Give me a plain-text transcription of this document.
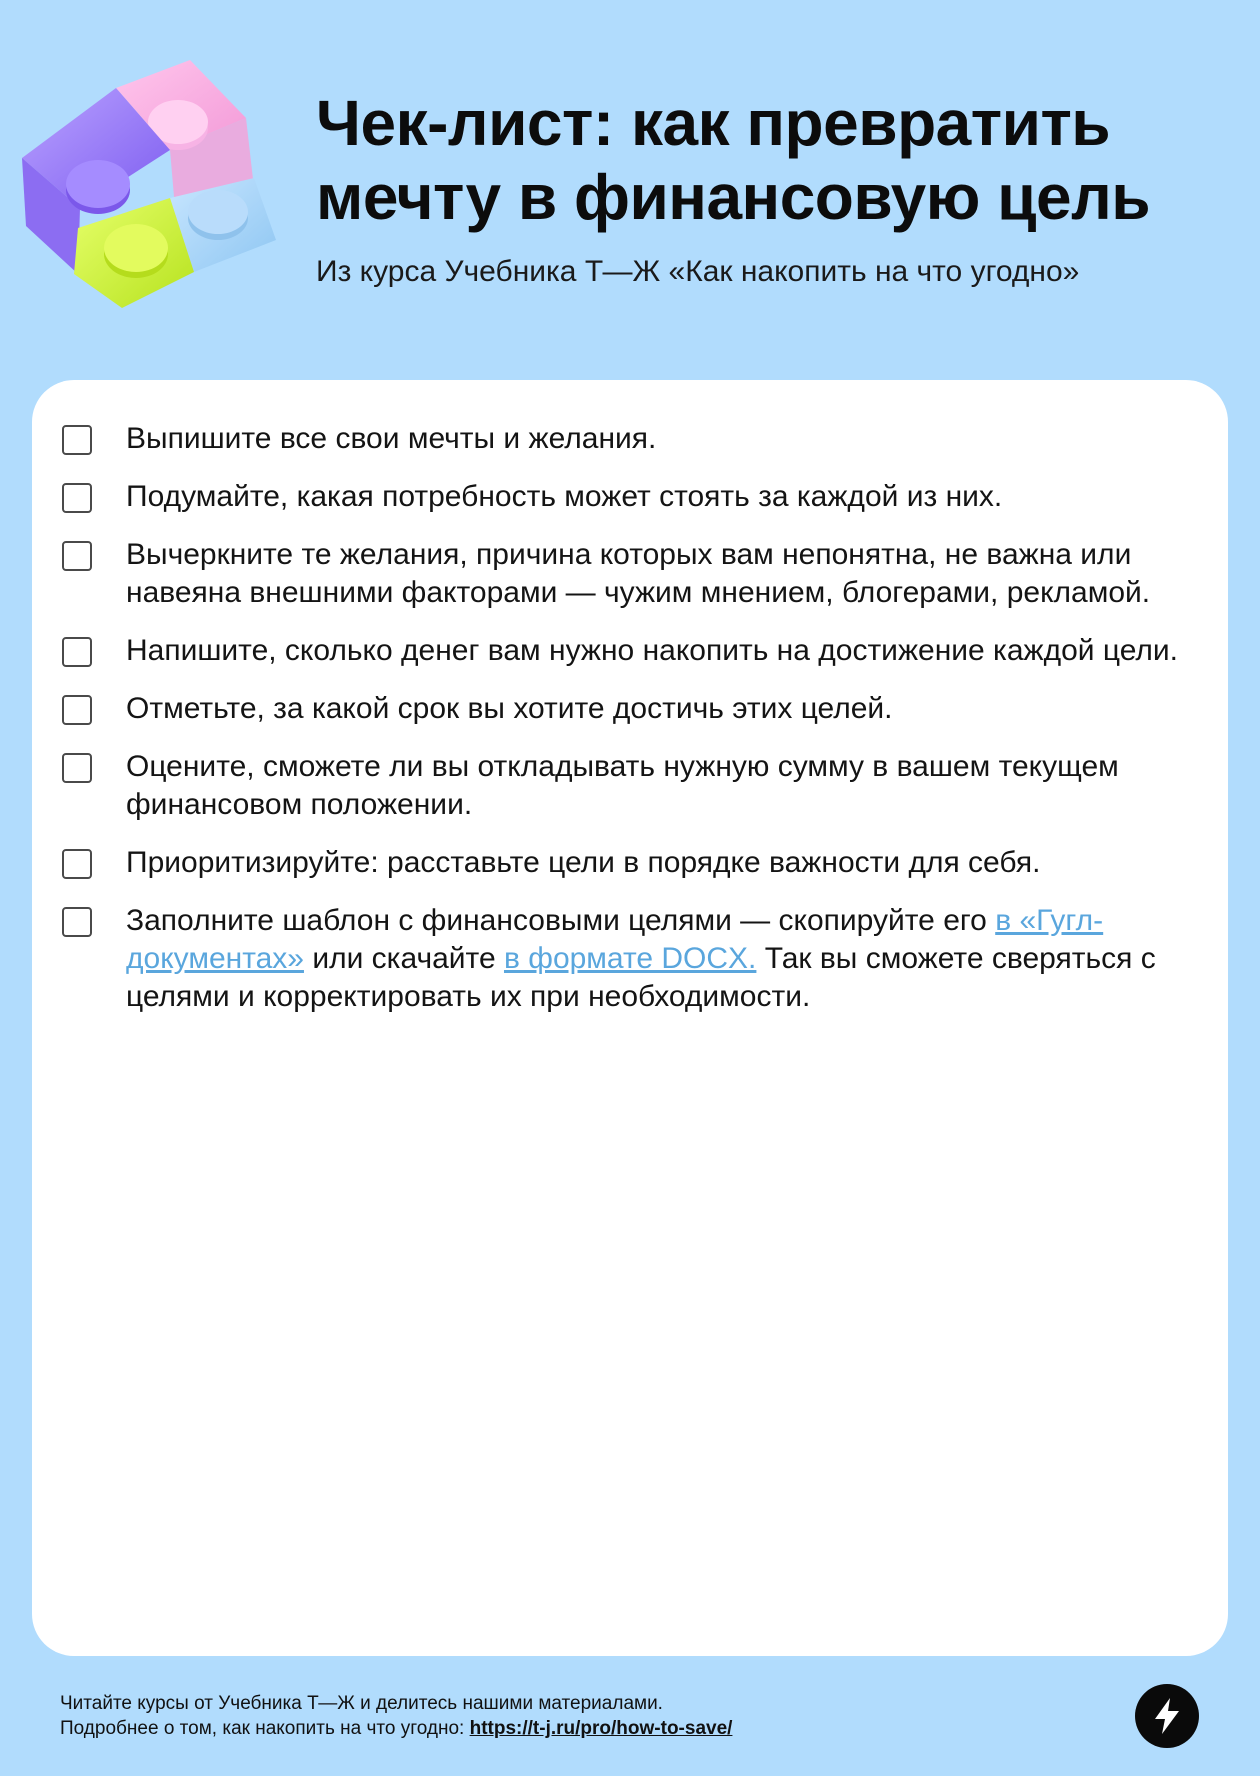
Чек-лист: как превратить
мечту в финансовую цель
Из курса Учебника Т—Ж «Как накопить на что угодно»
Выпишите все свои мечты и желания.
Подумайте, какая потребность может стоять за каждой из них.
Вычеркните те желания, причина которых вам непонятна, не важна или навеяна внешними факторами — чужим мнением, блогерами, рекламой.
Напишите, сколько денег вам нужно накопить на достижение каждой цели.
Отметьте, за какой срок вы хотите достичь этих целей.
Оцените, сможете ли вы откладывать нужную сумму в вашем текущем финансовом положении.
Приоритизируйте: расставьте цели в порядке важности для себя.
Заполните шаблон с финансовыми целями — скопируйте его в «Гугл-документах» или скачайте в формате DOCX. Так вы сможете сверяться с целями и корректировать их при необходимости.
Читайте курсы от Учебника Т—Ж и делитесь нашими материалами.
Подробнее о том, как накопить на что угодно: https://t-j.ru/pro/how-to-save/
